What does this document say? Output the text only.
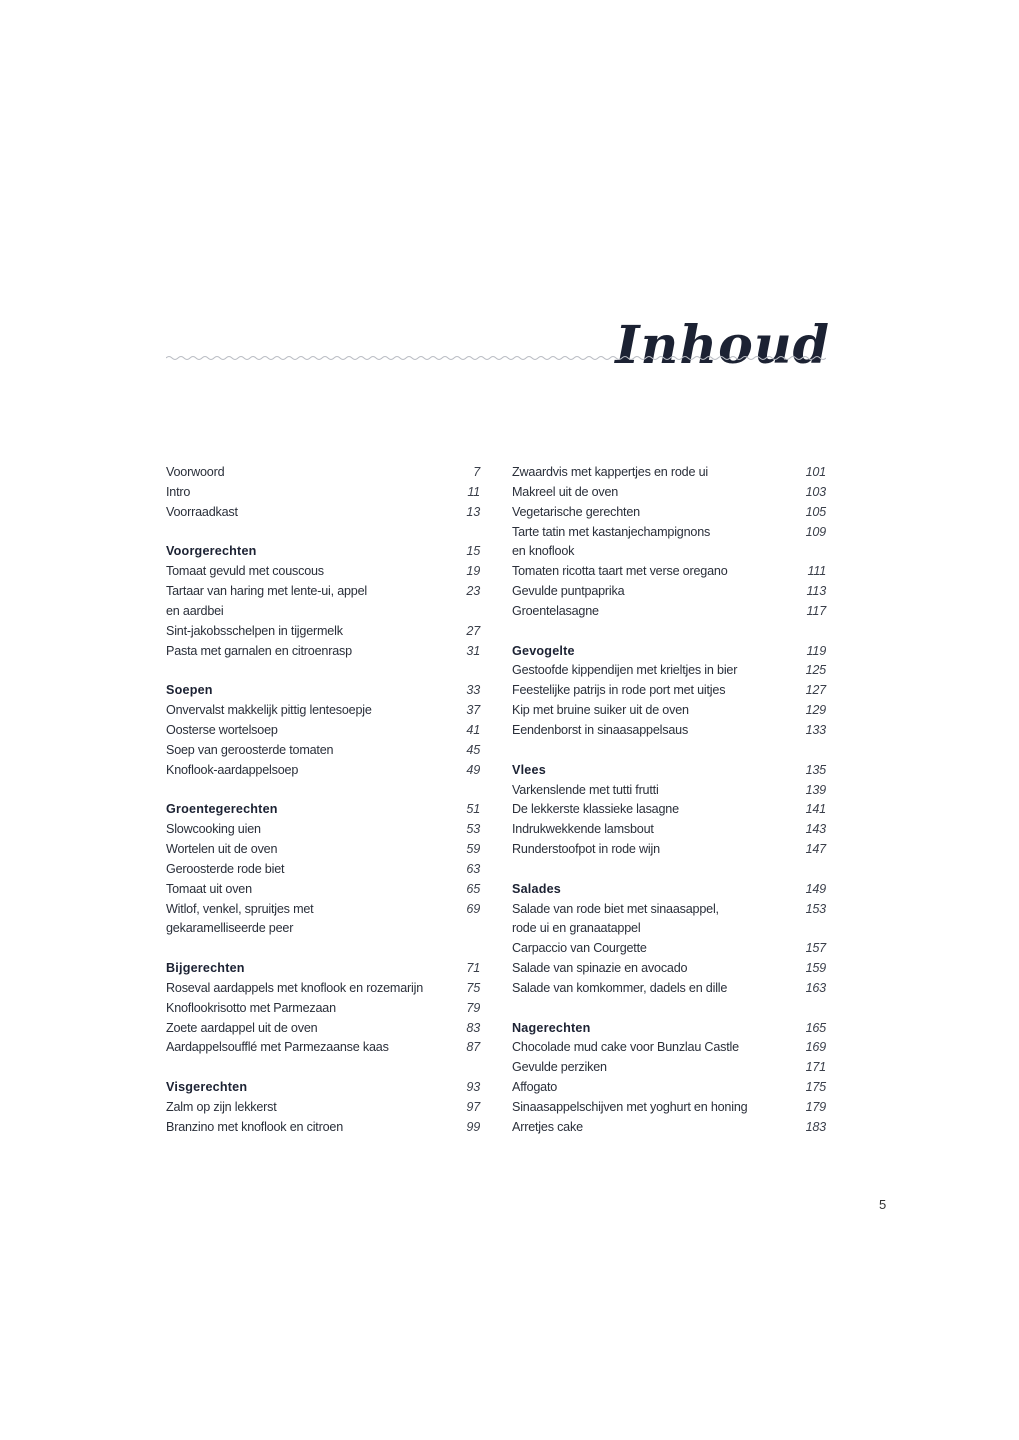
Inhoud
Voorwoord	7
Intro	11
Voorraadkast	13
Voorgerechten	15
Tomaat gevuld met couscous	19
Tartaar van haring met lente-ui, appel	23
en aardbei
Sint-jakobsschelpen in tijgermelk	27
Pasta met garnalen en citroenrasp	31
Soepen	33
Onvervalst makkelijk pittig lentesoepje	37
Oosterse wortelsoep	41
Soep van geroosterde tomaten	45
Knoflook-aardappelsoep	49
Groentegerechten	51
Slowcooking uien	53
Wortelen uit de oven	59
Geroosterde rode biet	63
Tomaat uit oven	65
Witlof, venkel, spruitjes met	69
gekaramelliseerde peer
Bijgerechten	71
Roseval aardappels met knoflook en rozemarijn	75
Knoflookrisotto met Parmezaan	79
Zoete aardappel uit de oven	83
Aardappelsoufflé met Parmezaanse kaas	87
Visgerechten	93
Zalm op zijn lekkerst	97
Branzino met knoflook en citroen	99
Zwaardvis met kappertjes en rode ui	101
Makreel uit de oven	103
Vegetarische gerechten	105
Tarte tatin met kastanjechampignons	109
en knoflook
Tomaten ricotta taart met verse oregano	111
Gevulde puntpaprika	113
Groentelasagne	117
Gevogelte	119
Gestoofde kippendijen met krieltjes in bier	125
Feestelijke patrijs in rode port met uitjes	127
Kip met bruine suiker uit de oven	129
Eendenborst in sinaasappelsaus	133
Vlees	135
Varkenslende met tutti frutti	139
De lekkerste klassieke lasagne	141
Indrukwekkende lamsbout	143
Runderstoofpot in rode wijn	147
Salades	149
Salade van rode biet met sinaasappel,	153
rode ui en granaatappel
Carpaccio van Courgette	157
Salade van spinazie en avocado	159
Salade van komkommer, dadels en dille	163
Nagerechten	165
Chocolade mud cake voor Bunzlau Castle	169
Gevulde perziken	171
Affogato	175
Sinaasappelschijven met yoghurt en honing	179
Arretjes cake	183
5
